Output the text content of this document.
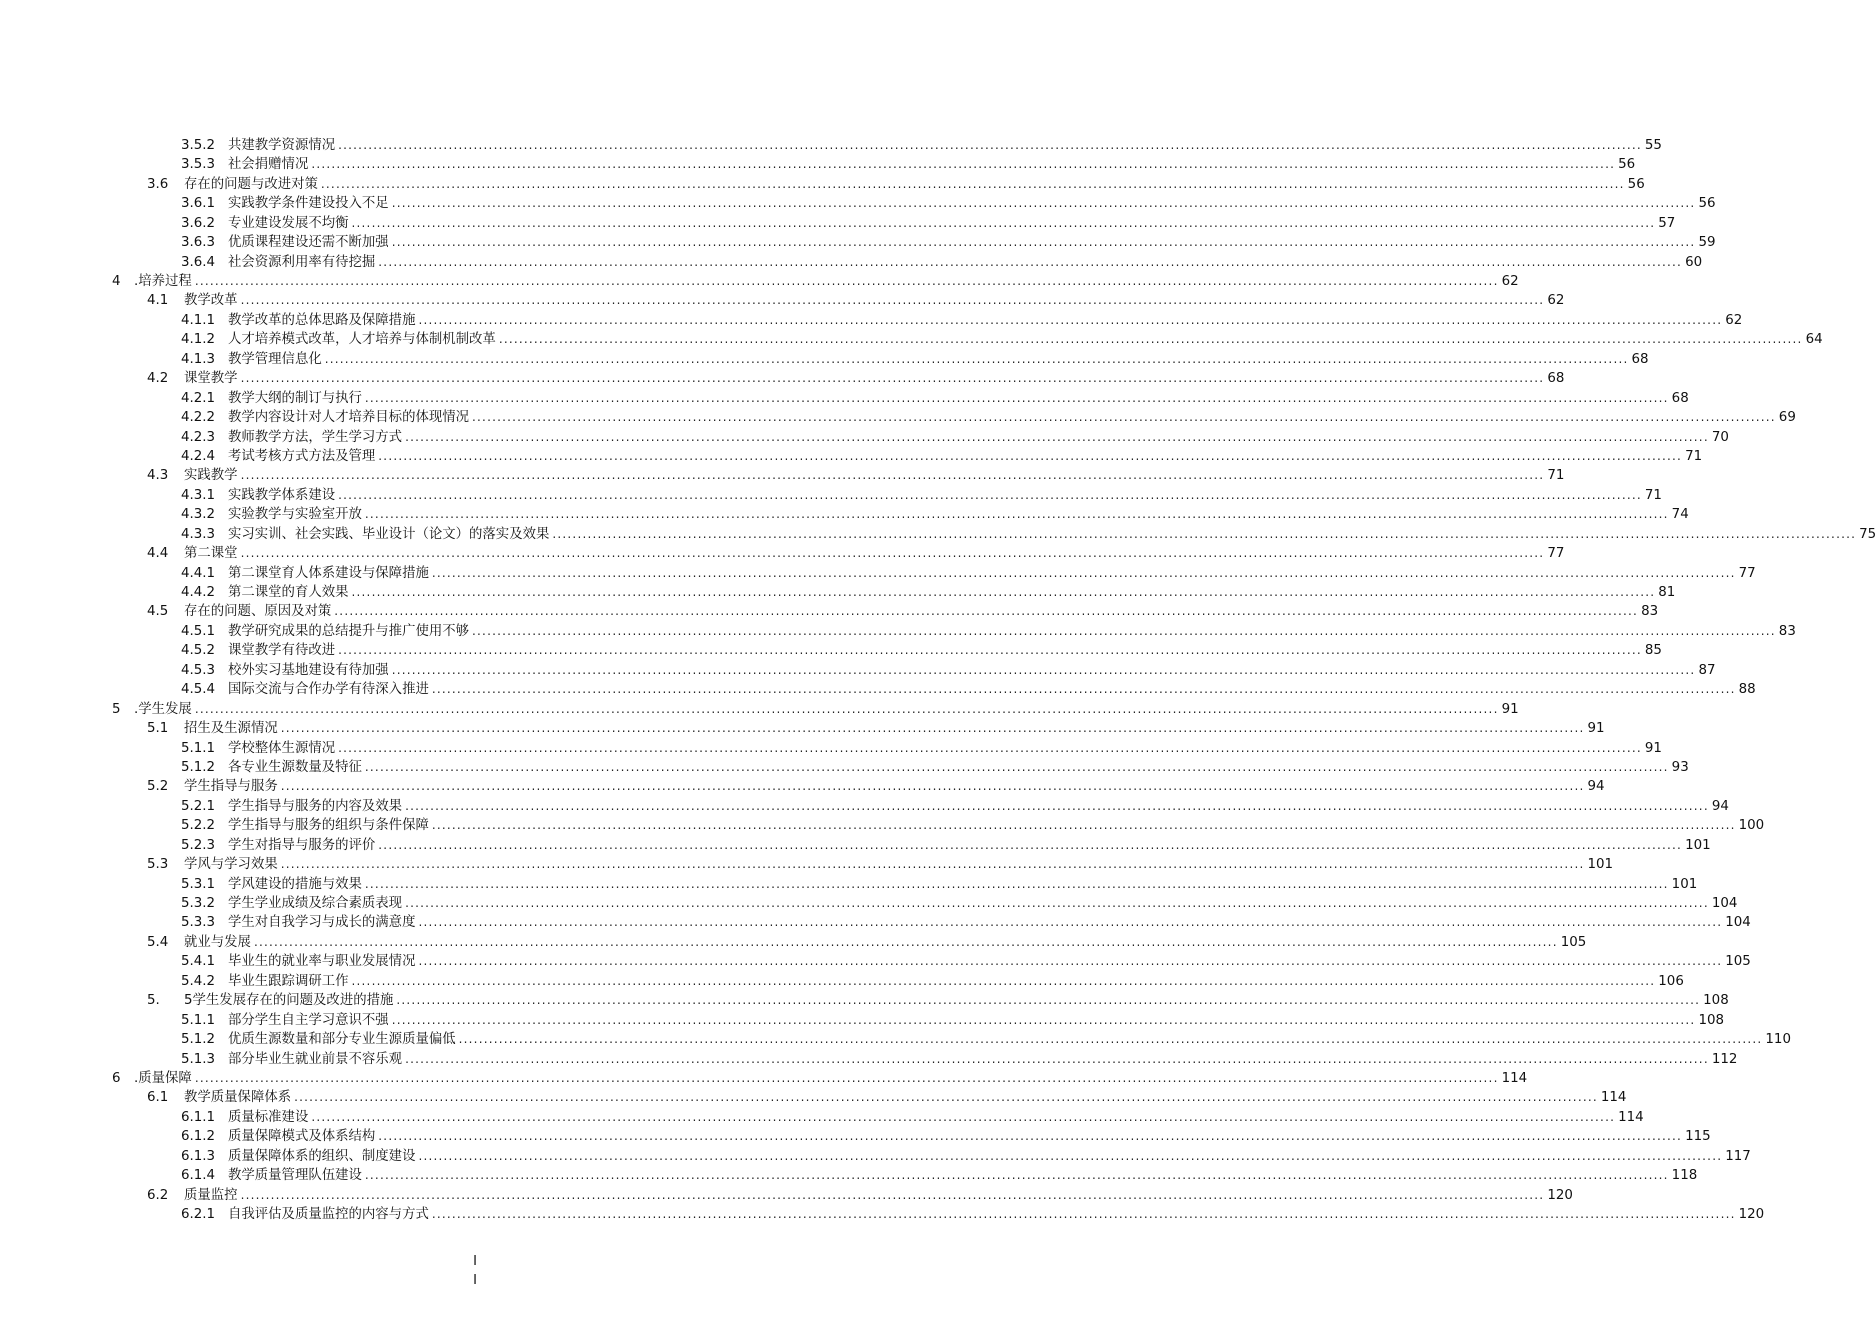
3.5.2 共建教学资源情况 .................................................................................................................................................................................................................................................................... 55
3.5.3 社会捐赠情况 .................................................................................................................................................................................................................................................................... 56
3.6	存在的问题与改进对策 .................................................................................................................................................................................................................................................................... 56
3.6.1 实践教学条件建设投入不足 .................................................................................................................................................................................................................................................................... 56
3.6.2 专业建设发展不均衡 .................................................................................................................................................................................................................................................................... 57
3.6.3 优质课程建设还需不断加强 .................................................................................................................................................................................................................................................................... 59
3.6.4 社会资源利用率有待挖掘 .................................................................................................................................................................................................................................................................... 60
4	.培养过程 .................................................................................................................................................................................................................................................................... 62
4.1	教学改革 .................................................................................................................................................................................................................................................................... 62
4.1.1 教学改革的总体思路及保障措施 .................................................................................................................................................................................................................................................................... 62
4.1.2 人才培养模式改革，人才培养与体制机制改革 .................................................................................................................................................................................................................................................................... 64
4.1.3 教学管理信息化 .................................................................................................................................................................................................................................................................... 68
4.2	课堂教学 .................................................................................................................................................................................................................................................................... 68
4.2.1 教学大纲的制订与执行 .................................................................................................................................................................................................................................................................... 68
4.2.2 教学内容设计对人才培养目标的体现情况 .................................................................................................................................................................................................................................................................... 69
4.2.3 教师教学方法，学生学习方式 .................................................................................................................................................................................................................................................................... 70
4.2.4 考试考核方式方法及管理 .................................................................................................................................................................................................................................................................... 71
4.3	实践教学 .................................................................................................................................................................................................................................................................... 71
4.3.1 实践教学体系建设 .................................................................................................................................................................................................................................................................... 71
4.3.2 实验教学与实验室开放 .................................................................................................................................................................................................................................................................... 74
4.3.3 实习实训、社会实践、毕业设计（论文）的落实及效果 .................................................................................................................................................................................................................................................................... 75
4.4	第二课堂 .................................................................................................................................................................................................................................................................... 77
4.4.1 第二课堂育人体系建设与保障措施 .................................................................................................................................................................................................................................................................... 77
4.4.2 第二课堂的育人效果 .................................................................................................................................................................................................................................................................... 81
4.5	存在的问题、原因及对策 .................................................................................................................................................................................................................................................................... 83
4.5.1 教学研究成果的总结提升与推广使用不够 .................................................................................................................................................................................................................................................................... 83
4.5.2 课堂教学有待改进 .................................................................................................................................................................................................................................................................... 85
4.5.3 校外实习基地建设有待加强 .................................................................................................................................................................................................................................................................... 87
4.5.4 国际交流与合作办学有待深入推进 .................................................................................................................................................................................................................................................................... 88
5	.学生发展 .................................................................................................................................................................................................................................................................... 91
5.1	招生及生源情况 .................................................................................................................................................................................................................................................................... 91
5.1.1 学校整体生源情况 .................................................................................................................................................................................................................................................................... 91
5.1.2 各专业生源数量及特征 .................................................................................................................................................................................................................................................................... 93
5.2	学生指导与服务 .................................................................................................................................................................................................................................................................... 94
5.2.1 学生指导与服务的内容及效果 .................................................................................................................................................................................................................................................................... 94
5.2.2 学生指导与服务的组织与条件保障 .................................................................................................................................................................................................................................................................... 100
5.2.3 学生对指导与服务的评价 .................................................................................................................................................................................................................................................................... 101
5.3	学风与学习效果 .................................................................................................................................................................................................................................................................... 101
5.3.1 学风建设的措施与效果 .................................................................................................................................................................................................................................................................... 101
5.3.2 学生学业成绩及综合素质表现 .................................................................................................................................................................................................................................................................... 104
5.3.3 学生对自我学习与成长的满意度 .................................................................................................................................................................................................................................................................... 104
5.4	就业与发展 .................................................................................................................................................................................................................................................................... 105
5.4.1 毕业生的就业率与职业发展情况 .................................................................................................................................................................................................................................................................... 105
5.4.2 毕业生跟踪调研工作 .................................................................................................................................................................................................................................................................... 106
5.	5学生发展存在的问题及改进的措施 .................................................................................................................................................................................................................................................................... 108
5.1.1 部分学生自主学习意识不强 .................................................................................................................................................................................................................................................................... 108
5.1.2 优质生源数量和部分专业生源质量偏低 .................................................................................................................................................................................................................................................................... 110
5.1.3 部分毕业生就业前景不容乐观 .................................................................................................................................................................................................................................................................... 112
6	.质量保障 .................................................................................................................................................................................................................................................................... 114
6.1	教学质量保障体系 .................................................................................................................................................................................................................................................................... 114
6.1.1 质量标准建设 .................................................................................................................................................................................................................................................................... 114
6.1.2 质量保障模式及体系结构 .................................................................................................................................................................................................................................................................... 115
6.1.3 质量保障体系的组织、制度建设 .................................................................................................................................................................................................................................................................... 117
6.1.4 教学质量管理队伍建设 .................................................................................................................................................................................................................................................................... 118
6.2	质量监控 .................................................................................................................................................................................................................................................................... 120
6.2.1 自我评估及质量监控的内容与方式 .................................................................................................................................................................................................................................................................... 120
I
I
